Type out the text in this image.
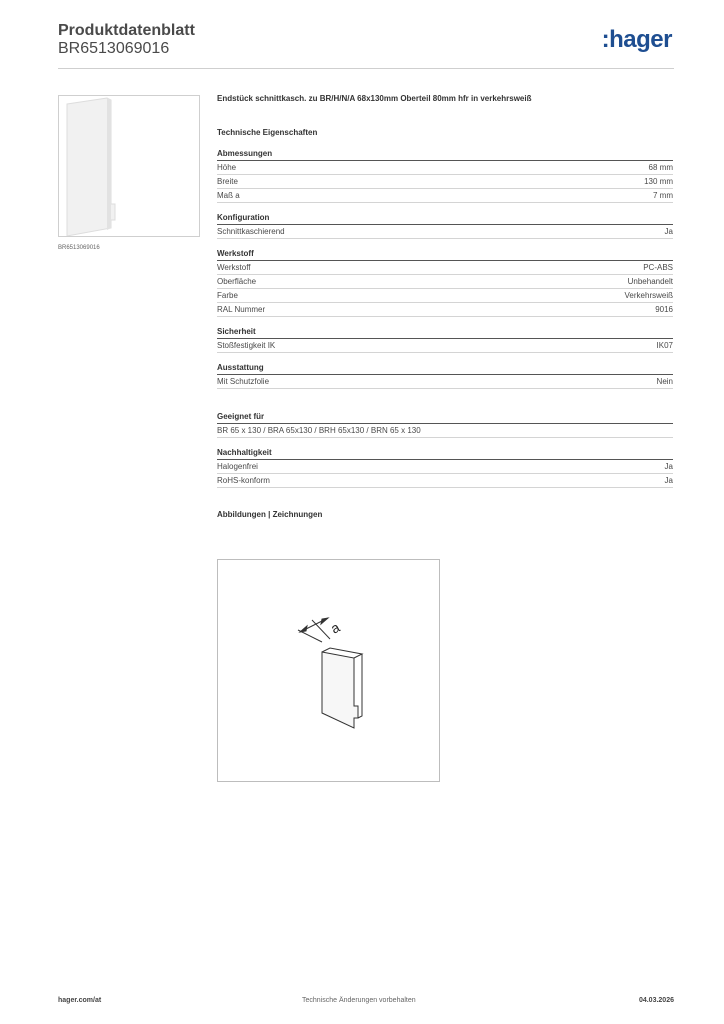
Produktdatenblatt
BR6513069016	:hager
BR6513069016
Endstück schnittkasch. zu BR/H/N/A 68x130mm Oberteil 80mm hfr in verkehrsweiß
Technische Eigenschaften
Abmessungen
Höhe	68 mm
Breite	130 mm
Maß a	7 mm
Konfiguration
Schnittkaschierend	Ja
Werkstoff
Werkstoff	PC-ABS
Oberfläche	Unbehandelt
Farbe	Verkehrsweiß
RAL Nummer	9016
Sicherheit
Stoßfestigkeit IK	IK07
Ausstattung
Mit Schutzfolie	Nein
Geeignet für
BR 65 x 130 / BRA 65x130 / BRH 65x130 / BRN 65 x 130
Nachhaltigkeit
Halogenfrei	Ja
RoHS-konform	Ja
Abbildungen | Zeichnungen
a
hager.com/at	Technische Änderungen vorbehalten	04.03.2026
